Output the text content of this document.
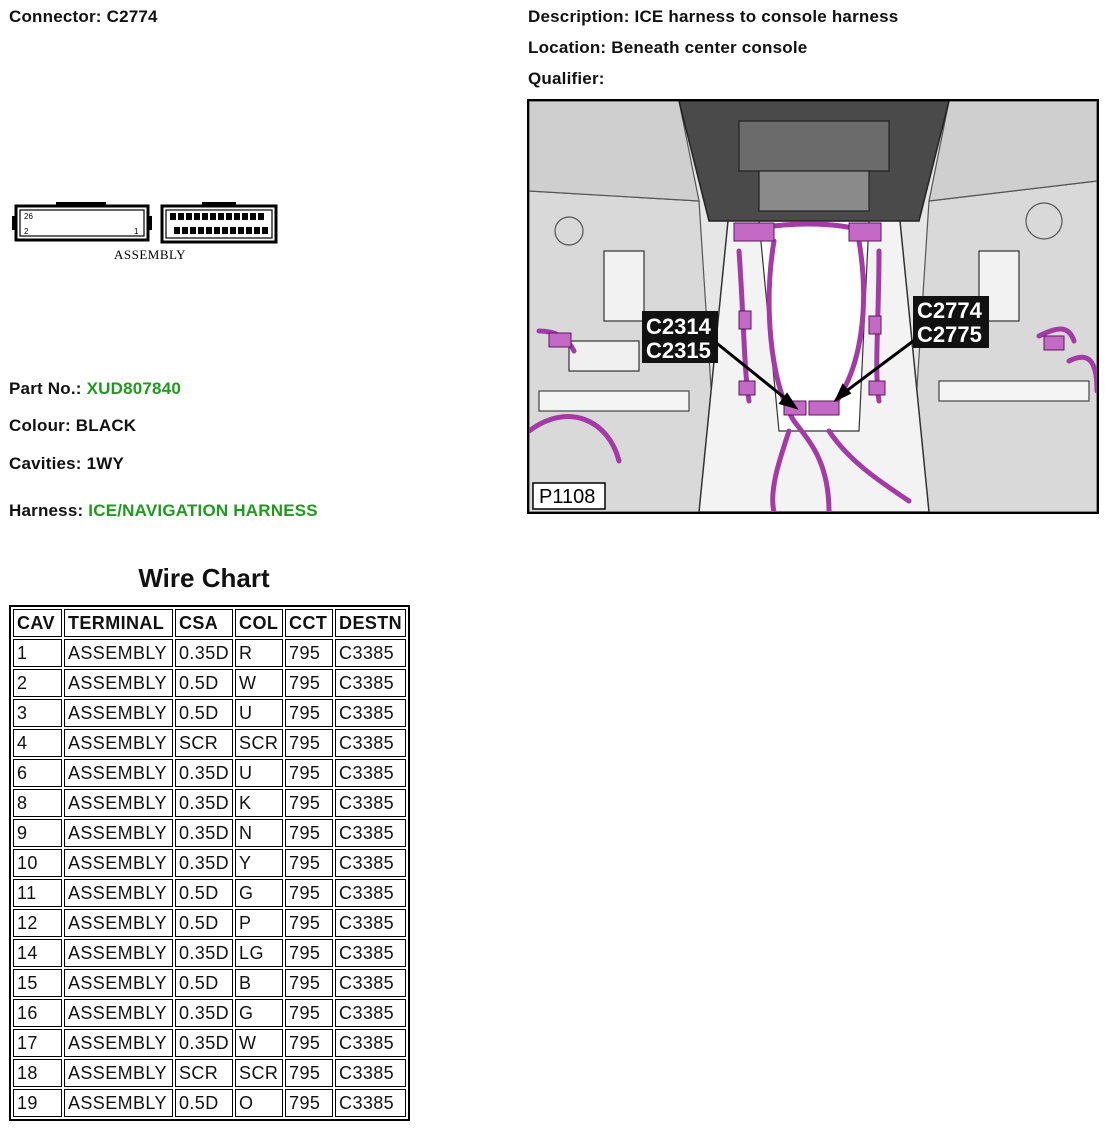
Connector: C2774	Description: ICE harness to console harness
Location: Beneath center console
Qualifier:
26
2	1
ASSEMBLY
Part No.: XUD807840
Colour: BLACK
Cavities: 1WY
Harness: ICE/NAVIGATION HARNESS
C2314
C2315
C2774
C2775
P1108
Wire Chart
CAV	TERMINAL	CSA	COL	CCT	DESTN
1	ASSEMBLY	0.35D	R	795	C3385
2	ASSEMBLY	0.5D	W	795	C3385
3	ASSEMBLY	0.5D	U	795	C3385
4	ASSEMBLY	SCR	SCR	795	C3385
6	ASSEMBLY	0.35D	U	795	C3385
8	ASSEMBLY	0.35D	K	795	C3385
9	ASSEMBLY	0.35D	N	795	C3385
10	ASSEMBLY	0.35D	Y	795	C3385
11	ASSEMBLY	0.5D	G	795	C3385
12	ASSEMBLY	0.5D	P	795	C3385
14	ASSEMBLY	0.35D	LG	795	C3385
15	ASSEMBLY	0.5D	B	795	C3385
16	ASSEMBLY	0.35D	G	795	C3385
17	ASSEMBLY	0.35D	W	795	C3385
18	ASSEMBLY	SCR	SCR	795	C3385
19	ASSEMBLY	0.5D	O	795	C3385
